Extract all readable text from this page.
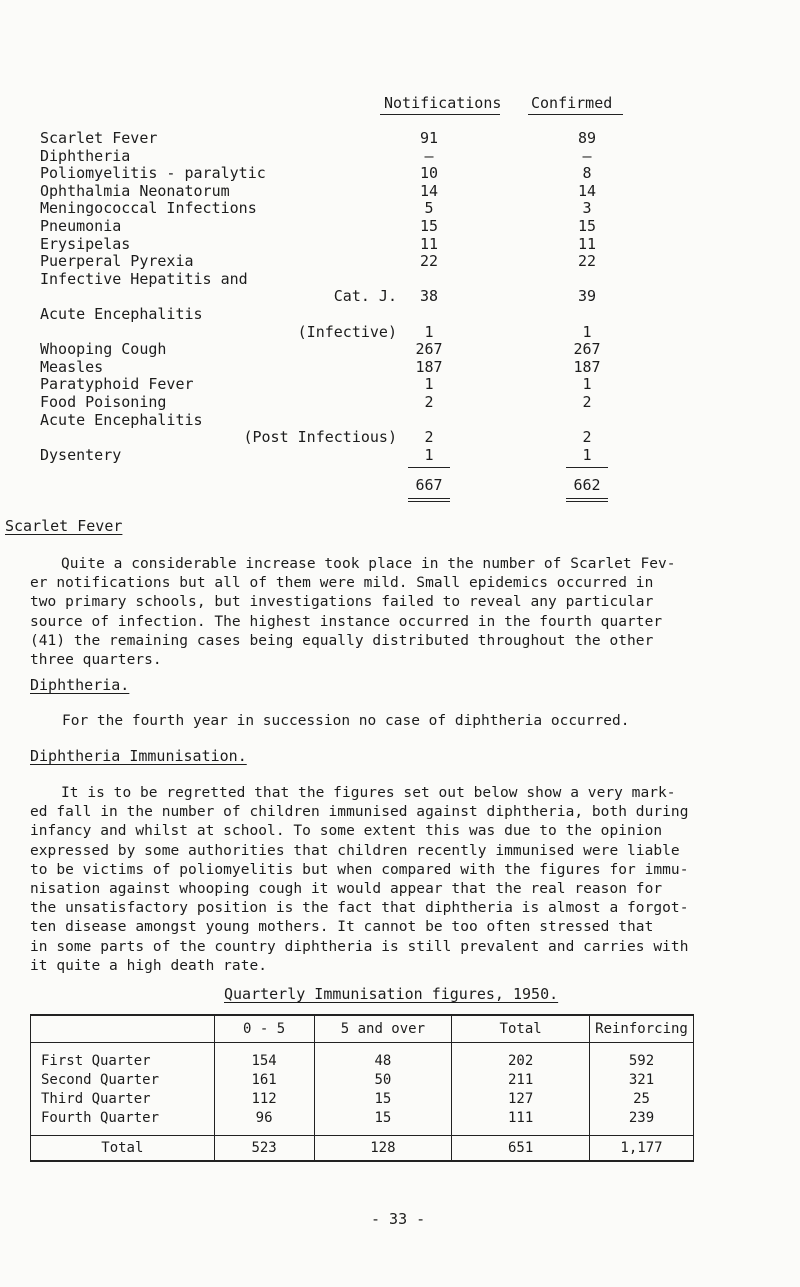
Notifications Confirmed
Scarlet Fever	91	89
Diphtheria	–	–
Poliomyelitis - paralytic	10	8
Ophthalmia Neonatorum	14	14
Meningococcal Infections	5	3
Pneumonia	15	15
Erysipelas	11	11
Puerperal Pyrexia	22	22
Infective Hepatitis and
Cat. J.	38	39
Acute Encephalitis
(Infective)	1	1
Whooping Cough	267	267
Measles	187	187
Paratyphoid Fever	1	1
Food Poisoning	2	2
Acute Encephalitis
(Post Infectious)	2	2
Dysentery	1	1
667	662
Scarlet Fever
Quite a considerable increase took place in the number of Scarlet Fev-
er notifications but all of them were mild. Small epidemics occurred in
two primary schools, but investigations failed to reveal any particular
source of infection. The highest instance occurred in the fourth quarter
(41) the remaining cases being equally distributed throughout the other
three quarters.
Diphtheria.
For the fourth year in succession no case of diphtheria occurred.
Diphtheria Immunisation.
It is to be regretted that the figures set out below show a very mark-
ed fall in the number of children immunised against diphtheria, both during
infancy and whilst at school. To some extent this was due to the opinion
expressed by some authorities that children recently immunised were liable
to be victims of poliomyelitis but when compared with the figures for immu-
nisation against whooping cough it would appear that the real reason for
the unsatisfactory position is the fact that diphtheria is almost a forgot-
ten disease amongst young mothers. It cannot be too often stressed that
in some parts of the country diphtheria is still prevalent and carries with
it quite a high death rate.
Quarterly Immunisation figures, 1950.
	0 - 5	5 and over	Total	Reinforcing
First Quarter	154	48	202	592
Second Quarter	161	50	211	321
Third Quarter	112	15	127	25
Fourth Quarter	96	15	111	239
Total	523	128	651	1,177
- 33 -
